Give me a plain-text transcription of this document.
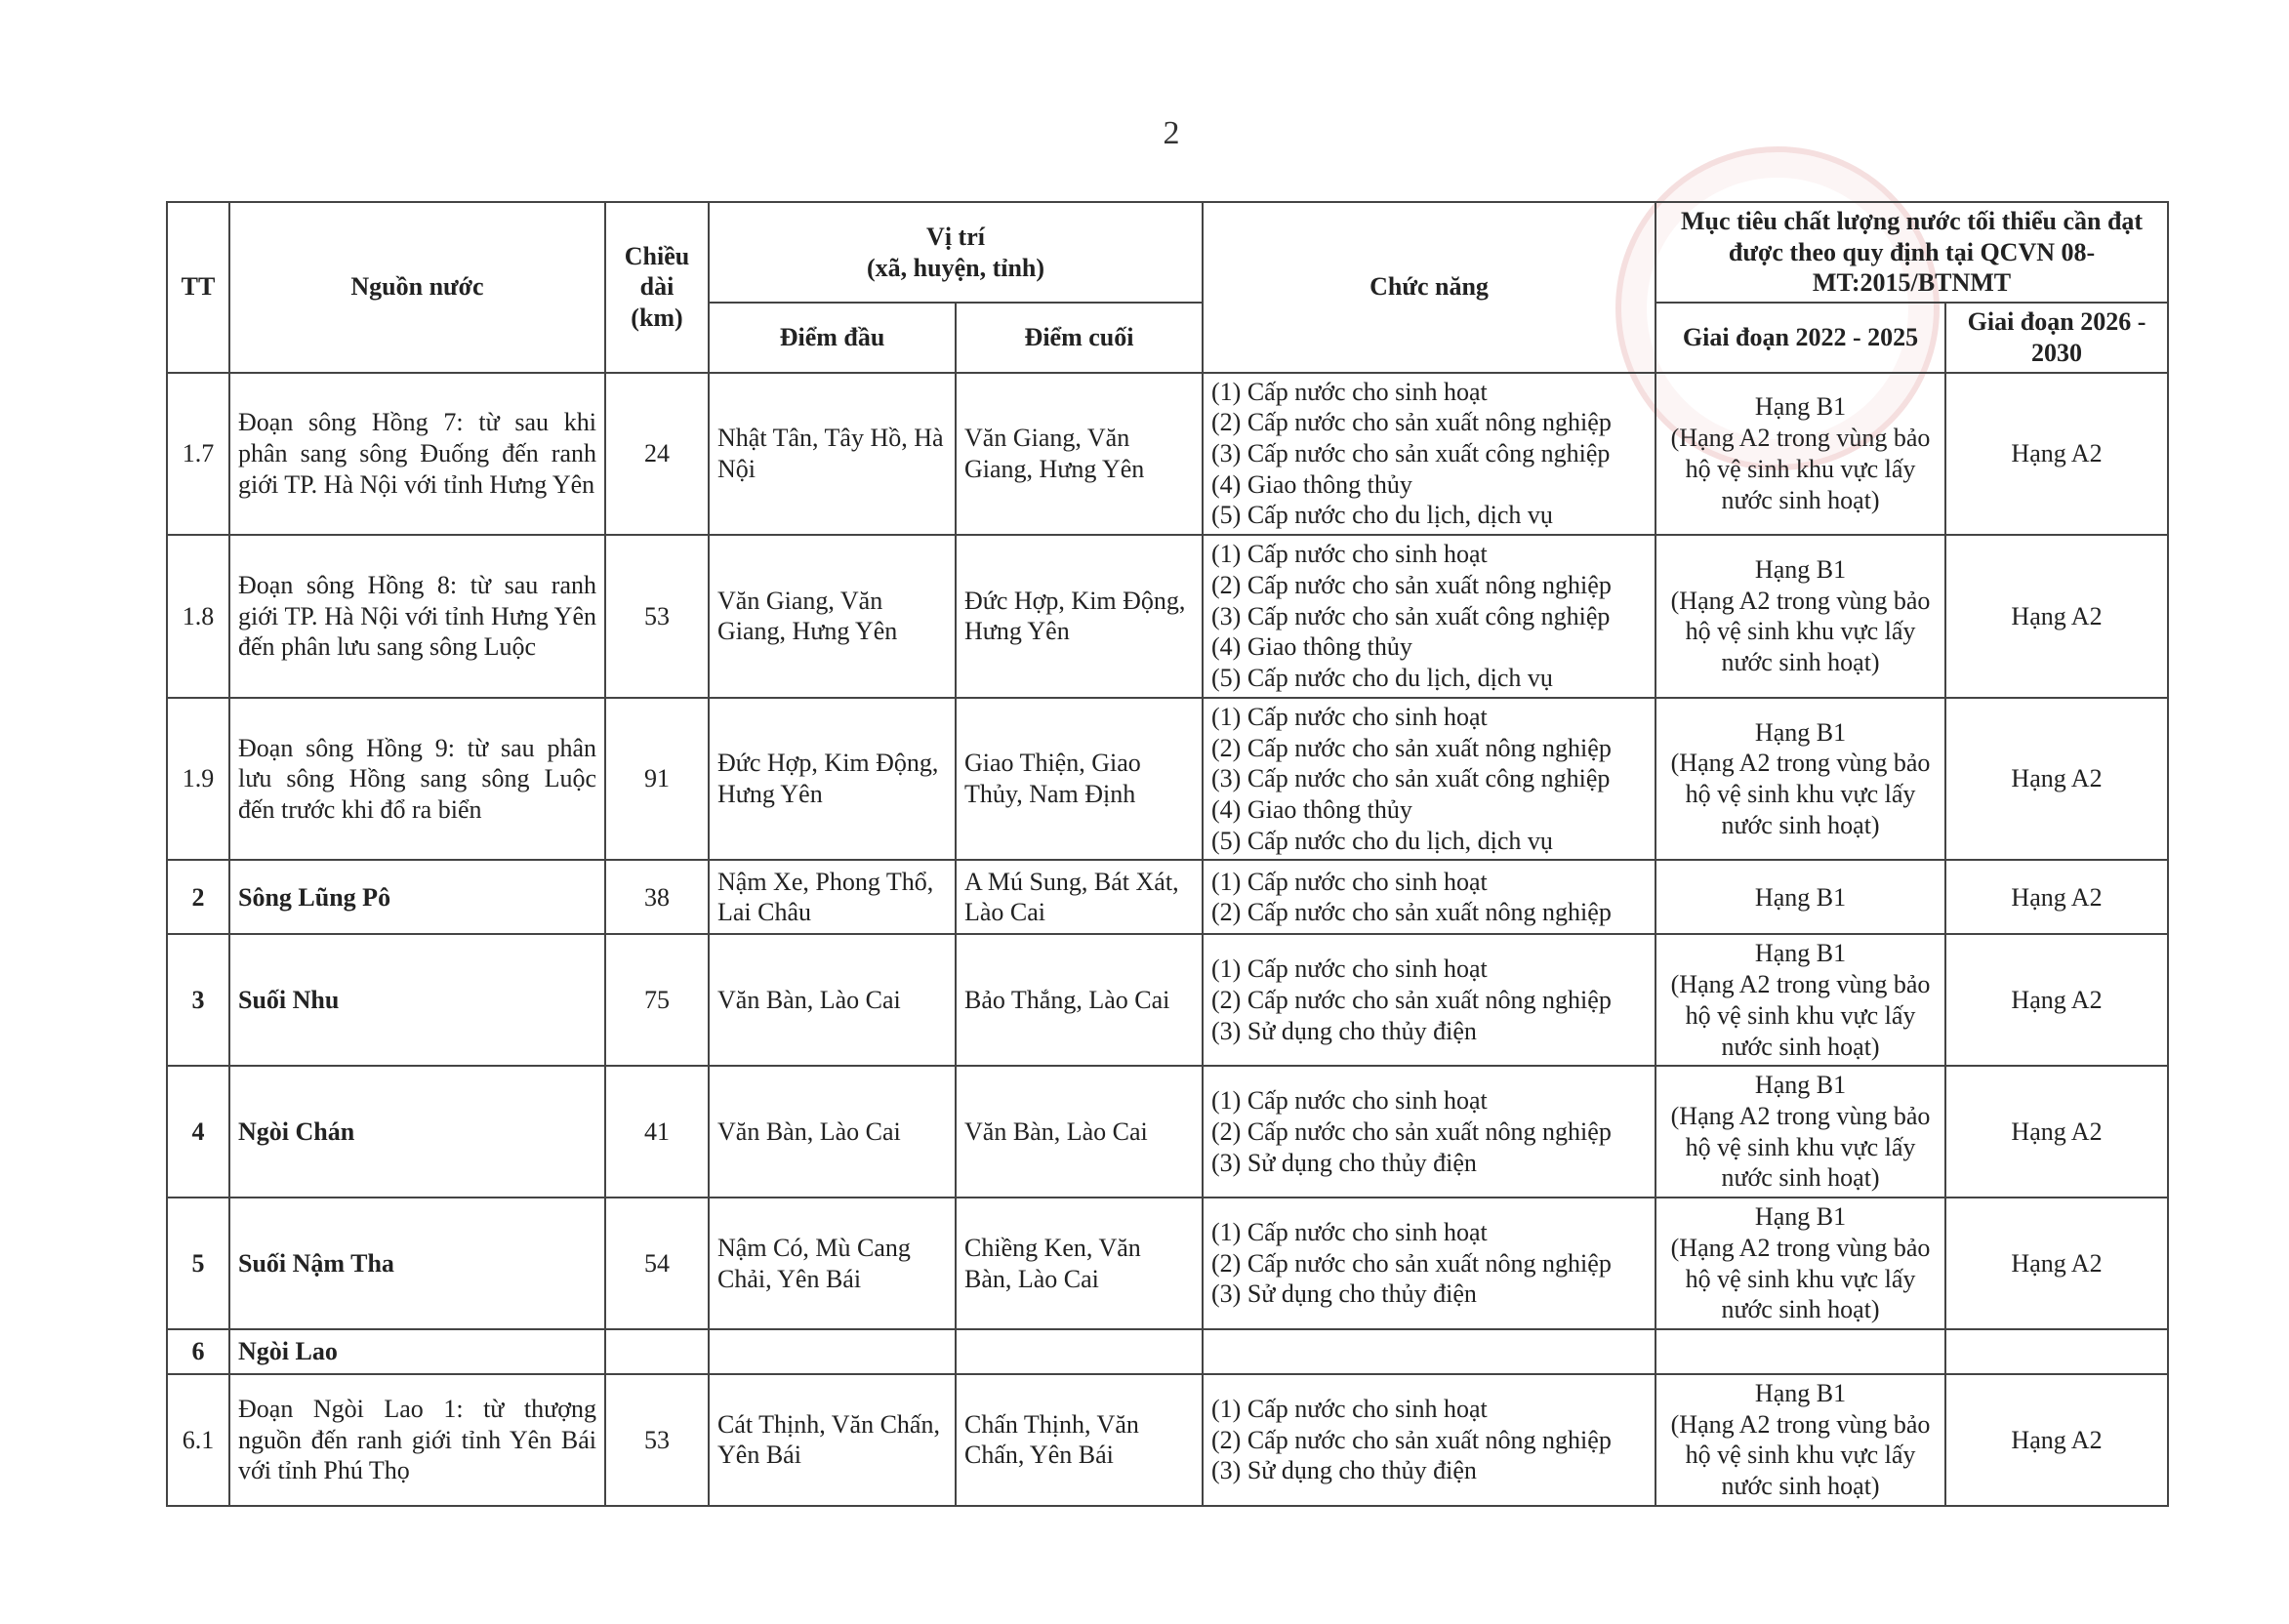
2
TT	Nguồn nước	Chiều dài (km)	Vị trí
(xã, huyện, tỉnh)		Chức năng	Mục tiêu chất lượng nước tối thiểu cần đạt được theo quy định tại QCVN 08-MT:2015/BTNMT	
			Điểm đầu	Điểm cuối		Giai đoạn 2022 - 2025	Giai đoạn 2026 - 2030
1.7	Đoạn sông Hồng 7: từ sau khi phân sang sông Đuống đến ranh giới TP. Hà Nội với tỉnh Hưng Yên	24	Nhật Tân, Tây Hồ, Hà Nội	Văn Giang, Văn Giang, Hưng Yên	(1) Cấp nước cho sinh hoạt
(2) Cấp nước cho sản xuất nông nghiệp
(3) Cấp nước cho sản xuất công nghiệp
(4) Giao thông thủy
(5) Cấp nước cho du lịch, dịch vụ	Hạng B1
(Hạng A2 trong vùng bảo hộ vệ sinh khu vực lấy nước sinh hoạt)	Hạng A2
1.8	Đoạn sông Hồng 8: từ sau ranh giới TP. Hà Nội với tỉnh Hưng Yên đến phân lưu sang sông Luộc	53	Văn Giang, Văn Giang, Hưng Yên	Đức Hợp, Kim Động, Hưng Yên	(1) Cấp nước cho sinh hoạt
(2) Cấp nước cho sản xuất nông nghiệp
(3) Cấp nước cho sản xuất công nghiệp
(4) Giao thông thủy
(5) Cấp nước cho du lịch, dịch vụ	Hạng B1
(Hạng A2 trong vùng bảo hộ vệ sinh khu vực lấy nước sinh hoạt)	Hạng A2
1.9	Đoạn sông Hồng 9: từ sau phân lưu sông Hồng sang sông Luộc đến trước khi đổ ra biển	91	Đức Hợp, Kim Động, Hưng Yên	Giao Thiện, Giao Thủy, Nam Định	(1) Cấp nước cho sinh hoạt
(2) Cấp nước cho sản xuất nông nghiệp
(3) Cấp nước cho sản xuất công nghiệp
(4) Giao thông thủy
(5) Cấp nước cho du lịch, dịch vụ	Hạng B1
(Hạng A2 trong vùng bảo hộ vệ sinh khu vực lấy nước sinh hoạt)	Hạng A2
2	Sông Lũng Pô	38	Nậm Xe, Phong Thổ, Lai Châu	A Mú Sung, Bát Xát, Lào Cai	(1) Cấp nước cho sinh hoạt
(2) Cấp nước cho sản xuất nông nghiệp	Hạng B1	Hạng A2
3	Suối Nhu	75	Văn Bàn, Lào Cai	Bảo Thắng, Lào Cai	(1) Cấp nước cho sinh hoạt
(2) Cấp nước cho sản xuất nông nghiệp
(3) Sử dụng cho thủy điện	Hạng B1
(Hạng A2 trong vùng bảo hộ vệ sinh khu vực lấy nước sinh hoạt)	Hạng A2
4	Ngòi Chán	41	Văn Bàn, Lào Cai	Văn Bàn, Lào Cai	(1) Cấp nước cho sinh hoạt
(2) Cấp nước cho sản xuất nông nghiệp
(3) Sử dụng cho thủy điện	Hạng B1
(Hạng A2 trong vùng bảo hộ vệ sinh khu vực lấy nước sinh hoạt)	Hạng A2
5	Suối Nậm Tha	54	Nậm Có, Mù Cang Chải, Yên Bái	Chiềng Ken, Văn Bàn, Lào Cai	(1) Cấp nước cho sinh hoạt
(2) Cấp nước cho sản xuất nông nghiệp
(3) Sử dụng cho thủy điện	Hạng B1
(Hạng A2 trong vùng bảo hộ vệ sinh khu vực lấy nước sinh hoạt)	Hạng A2
6	Ngòi Lao						
6.1	Đoạn Ngòi Lao 1: từ thượng nguồn đến ranh giới tỉnh Yên Bái với tỉnh Phú Thọ	53	Cát Thịnh, Văn Chấn, Yên Bái	Chấn Thịnh, Văn Chấn, Yên Bái	(1) Cấp nước cho sinh hoạt
(2) Cấp nước cho sản xuất nông nghiệp
(3) Sử dụng cho thủy điện	Hạng B1
(Hạng A2 trong vùng bảo hộ vệ sinh khu vực lấy nước sinh hoạt)	Hạng A2
